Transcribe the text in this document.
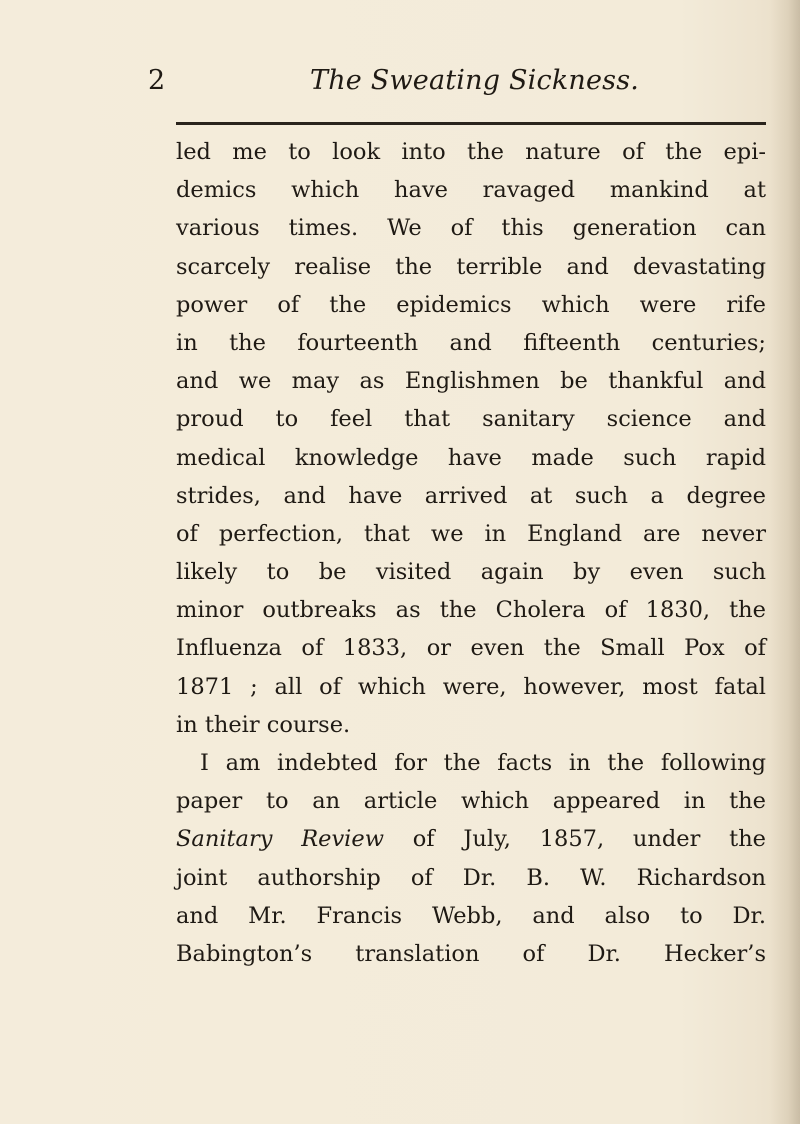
2	The Sweating Sickness.
led me to look into the nature of the epi-
demics which have ravaged mankind at
various times. We of this generation can
scarcely realise the terrible and devastating
power of the epidemics which were rife
in the fourteenth and fifteenth centuries;
and we may as Englishmen be thankful and
proud to feel that sanitary science and
medical knowledge have made such rapid
strides, and have arrived at such a degree
of perfection, that we in England are never
likely to be visited again by even such
minor outbreaks as the Cholera of 1830, the
Influenza of 1833, or even the Small Pox of
1871 ; all of which were, however, most fatal
in their course.
I am indebted for the facts in the following
paper to an article which appeared in the
Sanitary Review of July, 1857, under the
joint authorship of Dr. B. W. Richardson
and Mr. Francis Webb, and also to Dr.
Babington’s translation of Dr. Hecker’s
